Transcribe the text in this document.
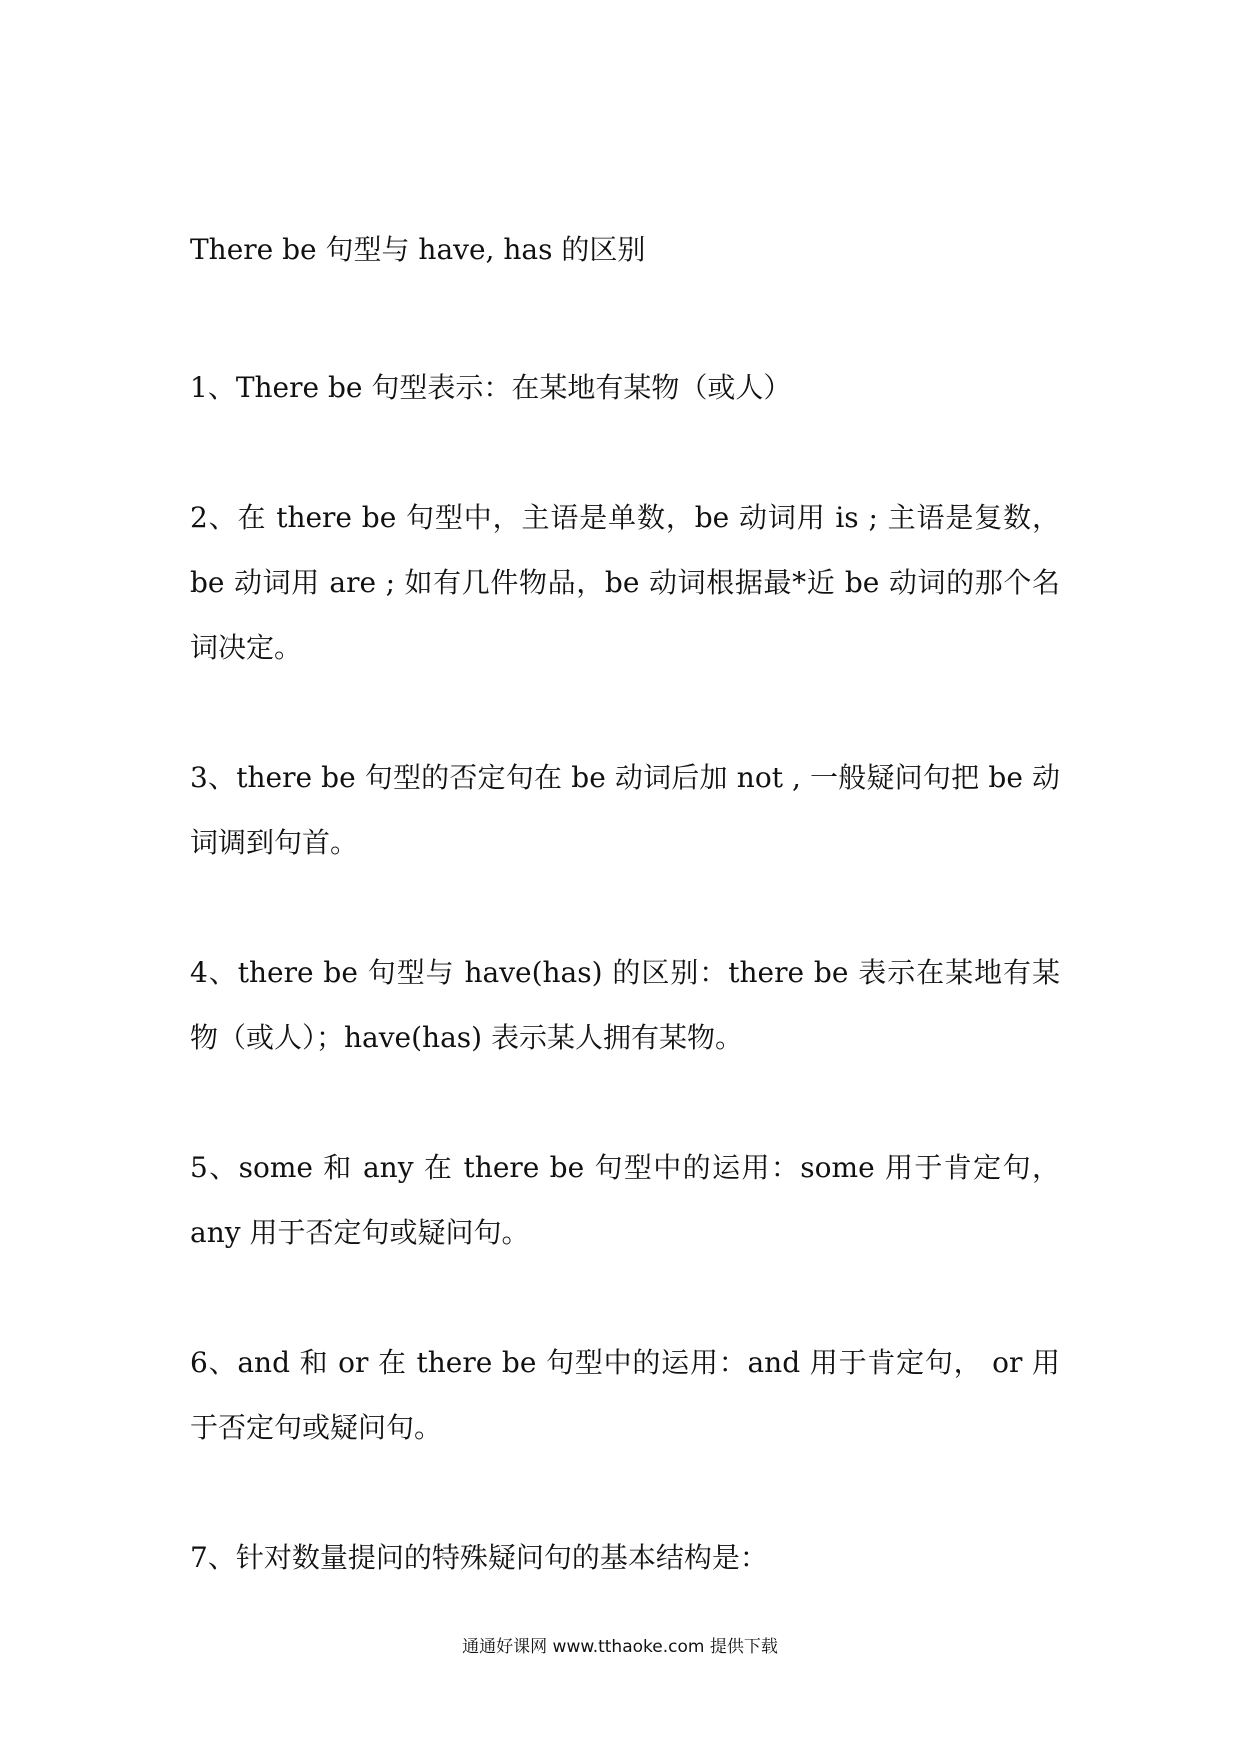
There be 句型与 have, has 的区别
1、There be 句型表示：在某地有某物（或人）
2、在 there be 句型中，主语是单数，be 动词用 is ; 主语是复数，be 动词用 are ; 如有几件物品，be 动词根据最*近 be 动词的那个名词决定。
3、there be 句型的否定句在 be 动词后加 not , 一般疑问句把 be 动词调到句首。
4、there be 句型与 have(has) 的区别：there be 表示在某地有某物（或人）；have(has) 表示某人拥有某物。
5、some 和 any 在 there be 句型中的运用：some 用于肯定句， any 用于否定句或疑问句。
6、and 和 or 在 there be 句型中的运用：and 用于肯定句， or 用于否定句或疑问句。
7、针对数量提问的特殊疑问句的基本结构是：
通通好课网 www.tthaoke.com 提供下载
